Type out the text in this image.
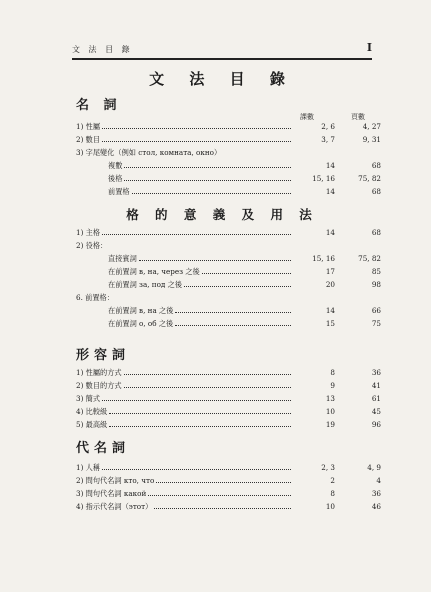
文 法 目 錄	I
文 法 目 錄
課數	頁數
名 詞
1) 性屬	2, 6	4, 27
2) 數目	3, 7	9, 31
3) 字尾變化（例如 стол, комната, окно）
複數	14	68
後格	15, 16	75, 82
前置格	14	68
格 的 意 義 及 用 法
1) 主格	14	68
2) 役格：
直接賓詞	15, 16	75, 82
在前置詞 в, на, через 之後	17	85
在前置詞 за, под 之後	20	98
6. 前置格：
在前置詞 в, на 之後	14	66
在前置詞 о, об 之後	15	75
形容詞
1) 性屬的方式	8	36
2) 數目的方式	9	41
3) 簡式	13	61
4) 比較級	10	45
5) 最高級	19	96
代名詞
1) 人稱	2, 3	4, 9
2) 問句代名詞 кто, что	2	4
3) 問句代名詞 какой	8	36
4) 指示代名詞（этот）	10	46
